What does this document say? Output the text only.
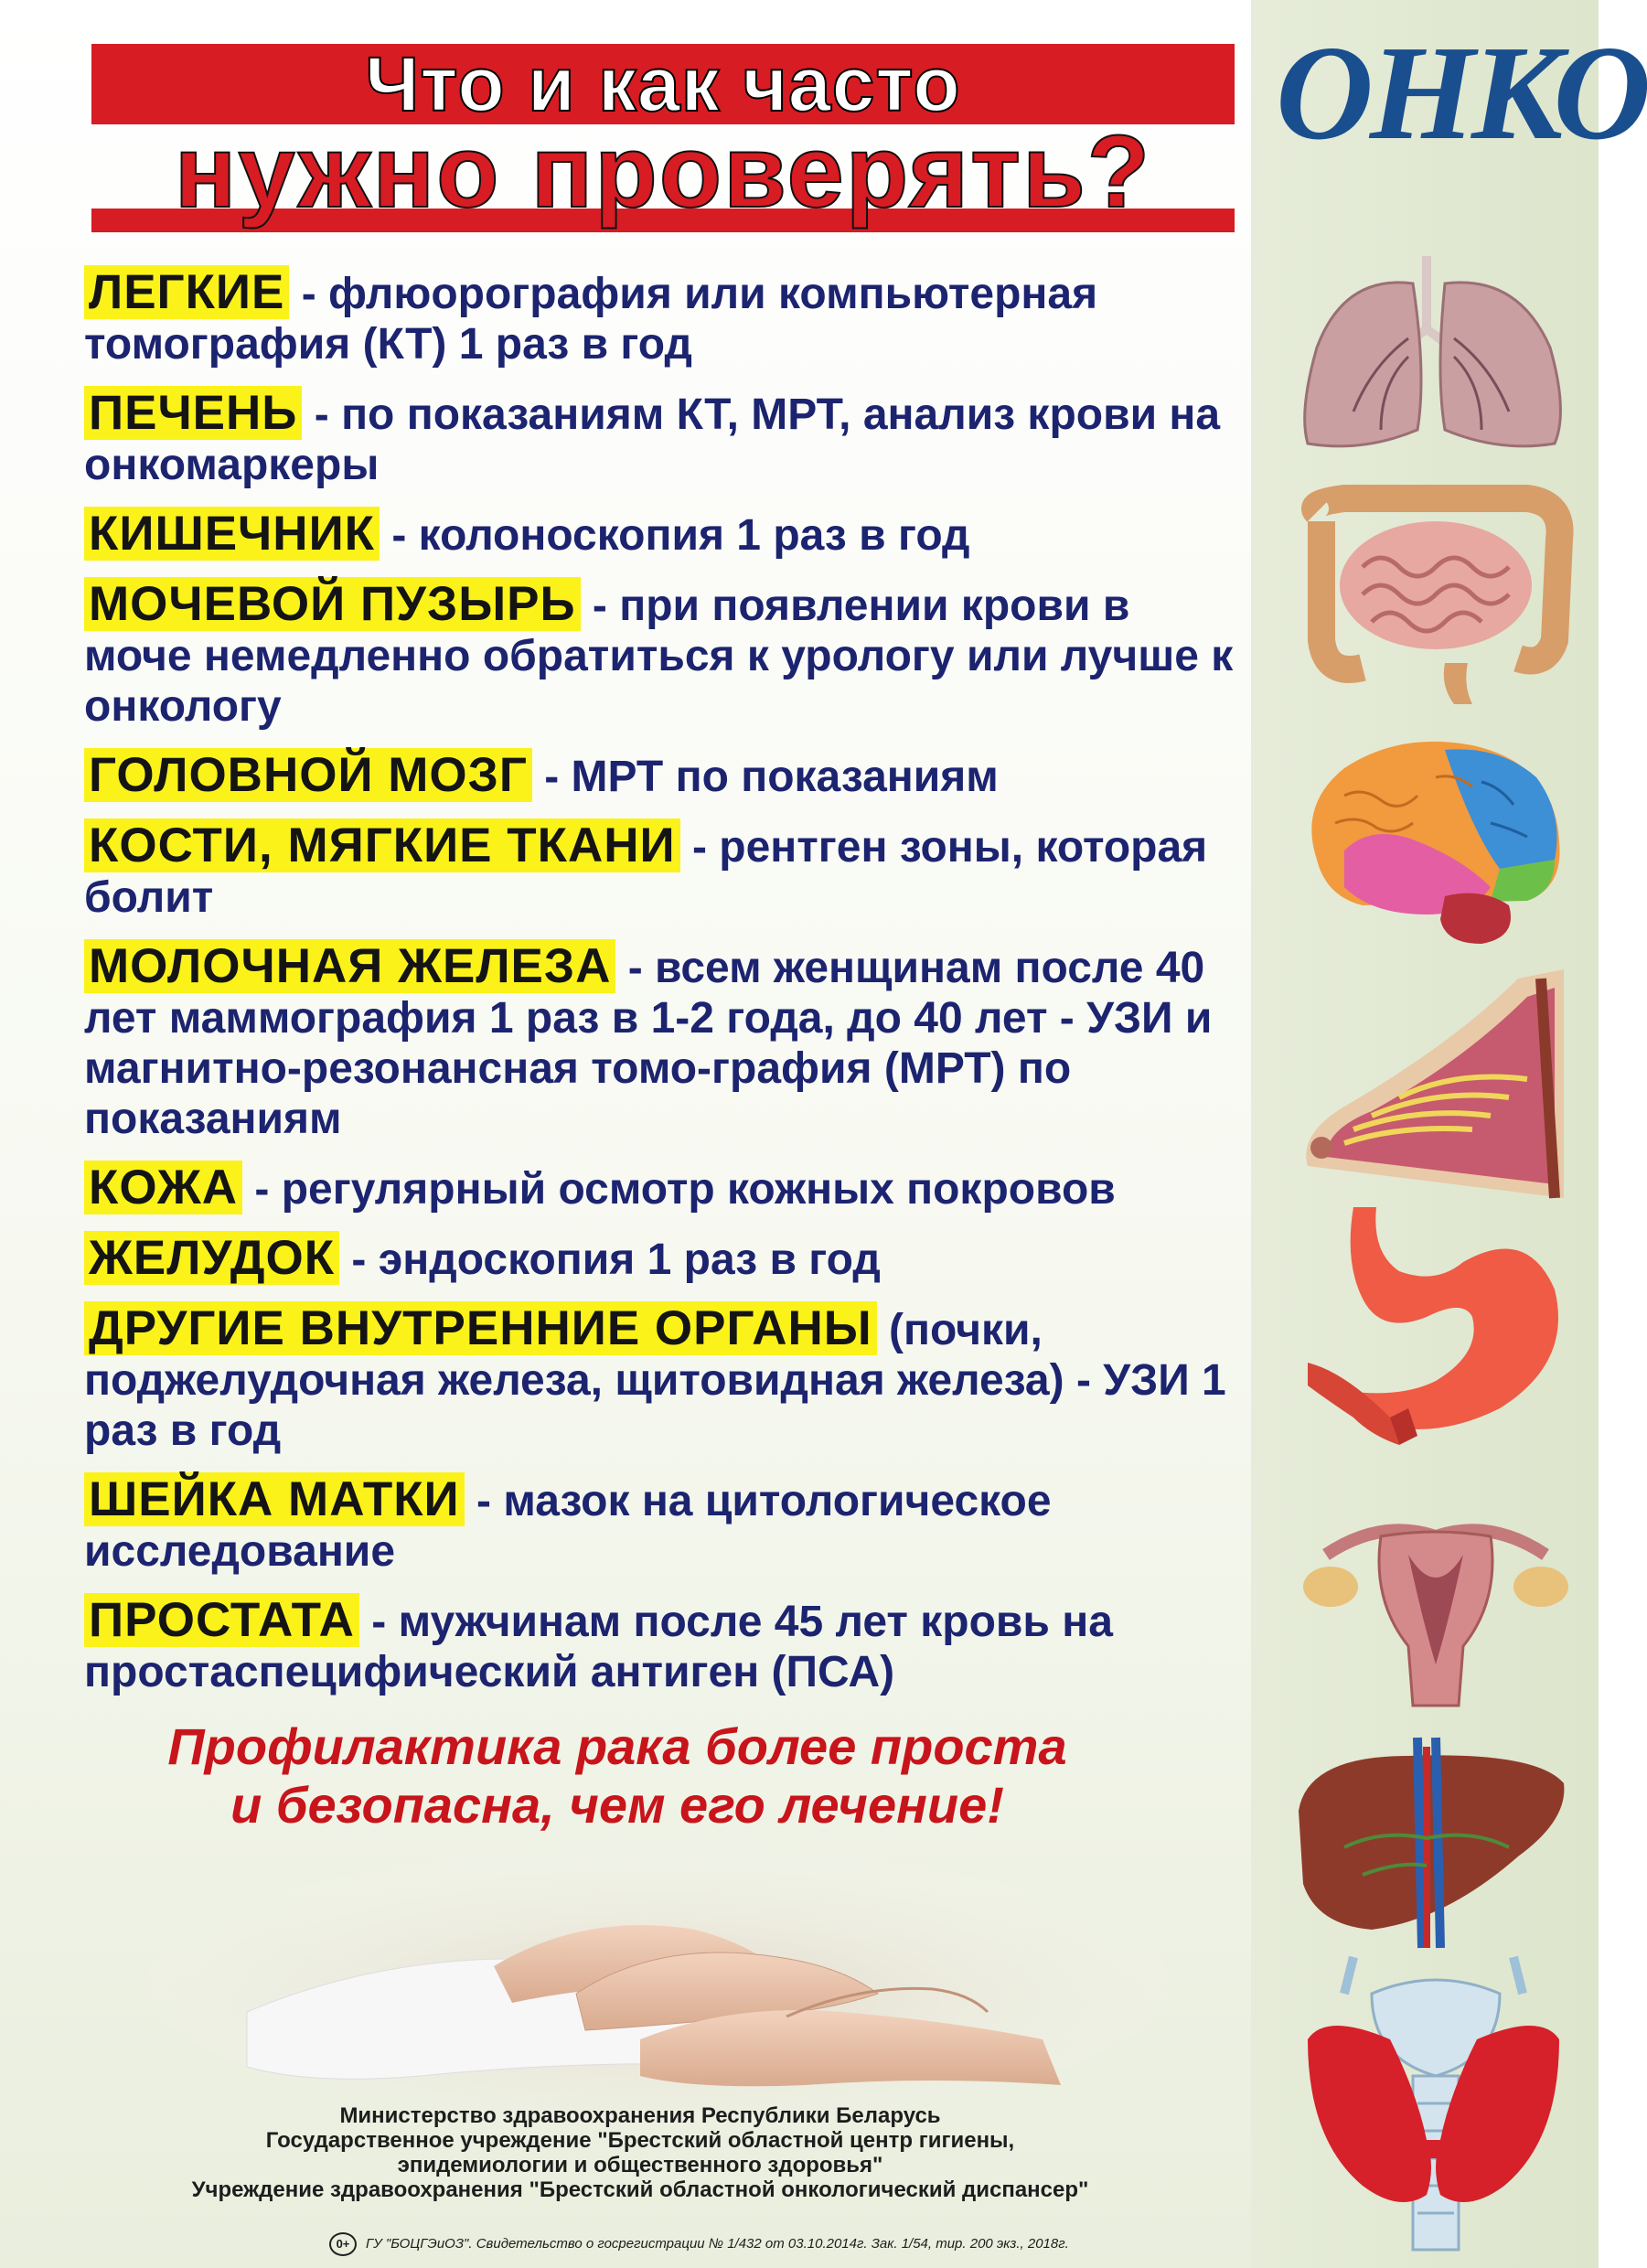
Что и как часто
нужно проверять?
ОНКО
ЛЕГКИЕ - флюорография или компьютерная томография (КТ) 1 раз в год
ПЕЧЕНЬ - по показаниям КТ, МРТ, анализ крови на онкомаркеры
КИШЕЧНИК - колоноскопия 1 раз в год
МОЧЕВОЙ ПУЗЫРЬ - при появлении крови в моче немедленно обратиться к урологу или лучше к онкологу
ГОЛОВНОЙ МОЗГ - МРТ по показаниям
КОСТИ, МЯГКИЕ ТКАНИ - рентген зоны, которая болит
МОЛОЧНАЯ ЖЕЛЕЗА - всем женщинам после 40 лет маммография 1 раз в 1-2 года, до 40 лет - УЗИ и магнитно-резонансная томо-графия (МРТ) по показаниям
КОЖА - регулярный осмотр кожных покровов
ЖЕЛУДОК - эндоскопия 1 раз в год
ДРУГИЕ ВНУТРЕННИЕ ОРГАНЫ (почки, поджелудочная железа, щитовидная железа) - УЗИ 1 раз в год
ШЕЙКА МАТКИ - мазок на цитологическое исследование
ПРОСТАТА - мужчинам после 45 лет кровь на простаспецифический антиген (ПСА)
Профилактика рака более проста
и безопасна, чем его лечение!
Министерство здравоохранения Республики Беларусь
Государственное учреждение "Брестский областной центр гигиены,
эпидемиологии и общественного здоровья"
Учреждение здравоохранения "Брестский областной онкологический диспансер"
0+ ГУ "БОЦГЭиОЗ". Свидетельство о госрегистрации № 1/432 от 03.10.2014г. Зак. 1/54, тир. 200 экз., 2018г.
